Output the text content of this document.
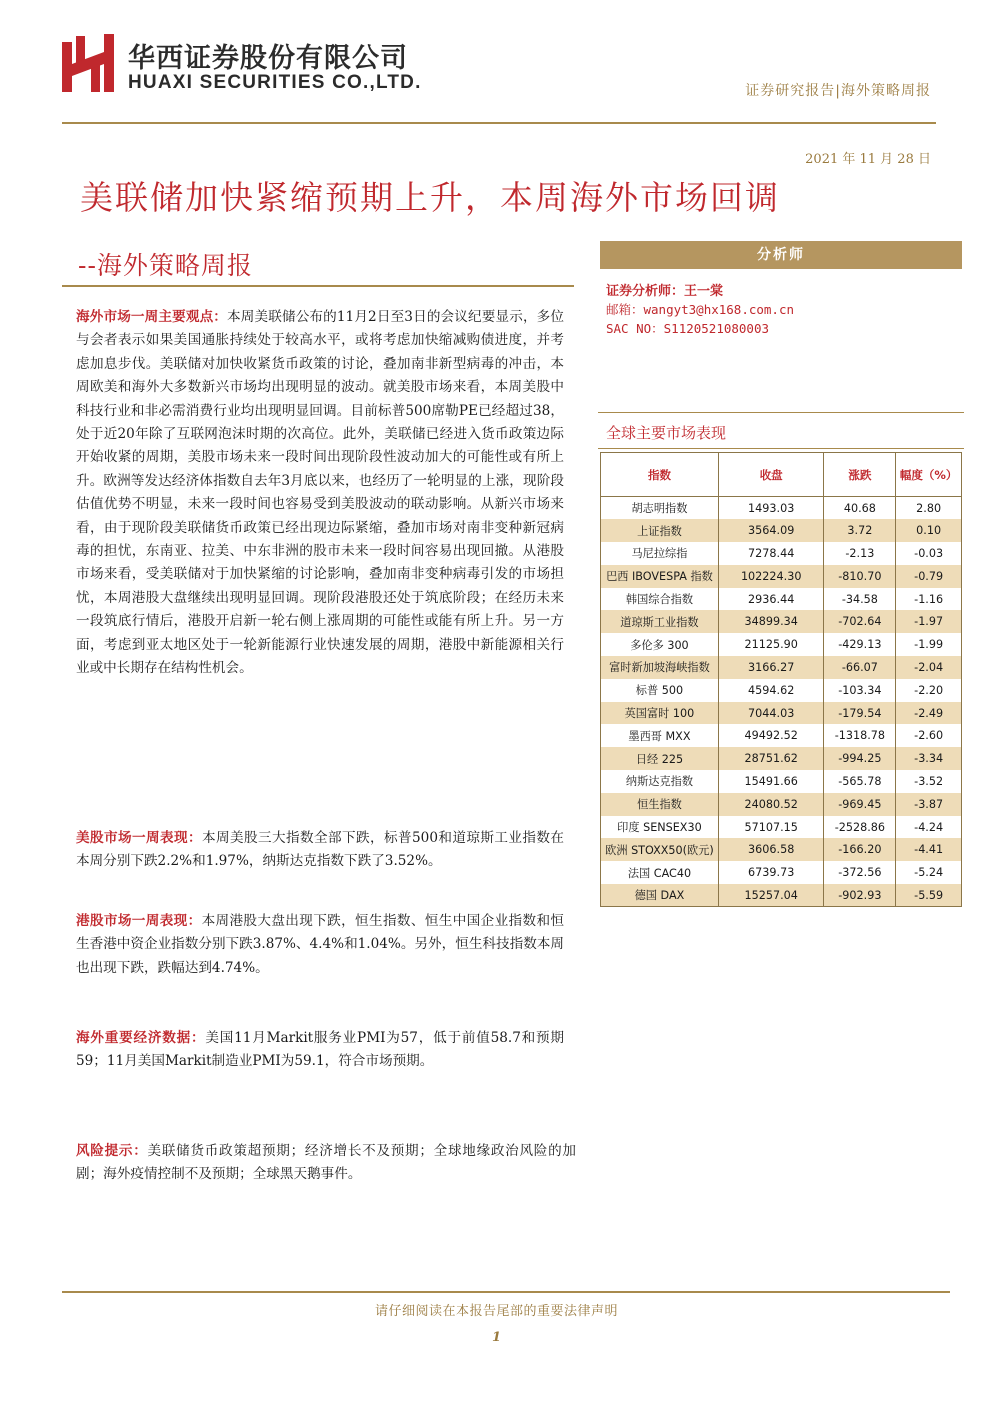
华西证券股份有限公司
HUAXI SECURITIES CO.,LTD.	证券研究报告|海外策略周报
2021 年 11 月 28 日
美联储加快紧缩预期上升，本周海外市场回调
--海外策略周报
海外市场一周主要观点：本周美联储公布的11月2日至3日的会议纪要显示，多位与会者表示如果美国通胀持续处于较高水平，或将考虑加快缩减购债进度，并考虑加息步伐。美联储对加快收紧货币政策的讨论，叠加南非新型病毒的冲击，本周欧美和海外大多数新兴市场均出现明显的波动。就美股市场来看，本周美股中科技行业和非必需消费行业均出现明显回调。目前标普500席勒PE已经超过38，处于近20年除了互联网泡沫时期的次高位。此外，美联储已经进入货币政策边际开始收紧的周期，美股市场未来一段时间出现阶段性波动加大的可能性或有所上升。欧洲等发达经济体指数自去年3月底以来，也经历了一轮明显的上涨，现阶段估值优势不明显，未来一段时间也容易受到美股波动的联动影响。从新兴市场来看，由于现阶段美联储货币政策已经出现边际紧缩，叠加市场对南非变种新冠病毒的担忧，东南亚、拉美、中东非洲的股市未来一段时间容易出现回撤。从港股市场来看，受美联储对于加快紧缩的讨论影响，叠加南非变种病毒引发的市场担忧，本周港股大盘继续出现明显回调。现阶段港股还处于筑底阶段；在经历未来一段筑底行情后，港股开启新一轮右侧上涨周期的可能性或能有所上升。另一方面，考虑到亚太地区处于一轮新能源行业快速发展的周期，港股中新能源相关行业或中长期存在结构性机会。
美股市场一周表现：本周美股三大指数全部下跌，标普500和道琼斯工业指数在本周分别下跌2.2%和1.97%，纳斯达克指数下跌了3.52%。
港股市场一周表现：本周港股大盘出现下跌，恒生指数、恒生中国企业指数和恒生香港中资企业指数分别下跌3.87%、4.4%和1.04%。另外，恒生科技指数本周也出现下跌，跌幅达到4.74%。
海外重要经济数据：美国11月Markit服务业PMI为57，低于前值58.7和预期59；11月美国Markit制造业PMI为59.1，符合市场预期。
风险提示：美联储货币政策超预期；经济增长不及预期；全球地缘政治风险的加剧；海外疫情控制不及预期；全球黑天鹅事件。
分析师
证券分析师：王一棠
邮箱：wangyt3@hx168.com.cn
SAC NO：S1120521080003
全球主要市场表现
指数	收盘	涨跌	幅度（%）
胡志明指数	1493.03	40.68	2.80
上证指数	3564.09	3.72	0.10
马尼拉综指	7278.44	-2.13	-0.03
巴西 IBOVESPA 指数	102224.30	-810.70	-0.79
韩国综合指数	2936.44	-34.58	-1.16
道琼斯工业指数	34899.34	-702.64	-1.97
多伦多 300	21125.90	-429.13	-1.99
富时新加坡海峡指数	3166.27	-66.07	-2.04
标普 500	4594.62	-103.34	-2.20
英国富时 100	7044.03	-179.54	-2.49
墨西哥 MXX	49492.52	-1318.78	-2.60
日经 225	28751.62	-994.25	-3.34
纳斯达克指数	15491.66	-565.78	-3.52
恒生指数	24080.52	-969.45	-3.87
印度 SENSEX30	57107.15	-2528.86	-4.24
欧洲 STOXX50(欧元)	3606.58	-166.20	-4.41
法国 CAC40	6739.73	-372.56	-5.24
德国 DAX	15257.04	-902.93	-5.59
请仔细阅读在本报告尾部的重要法律声明
1
